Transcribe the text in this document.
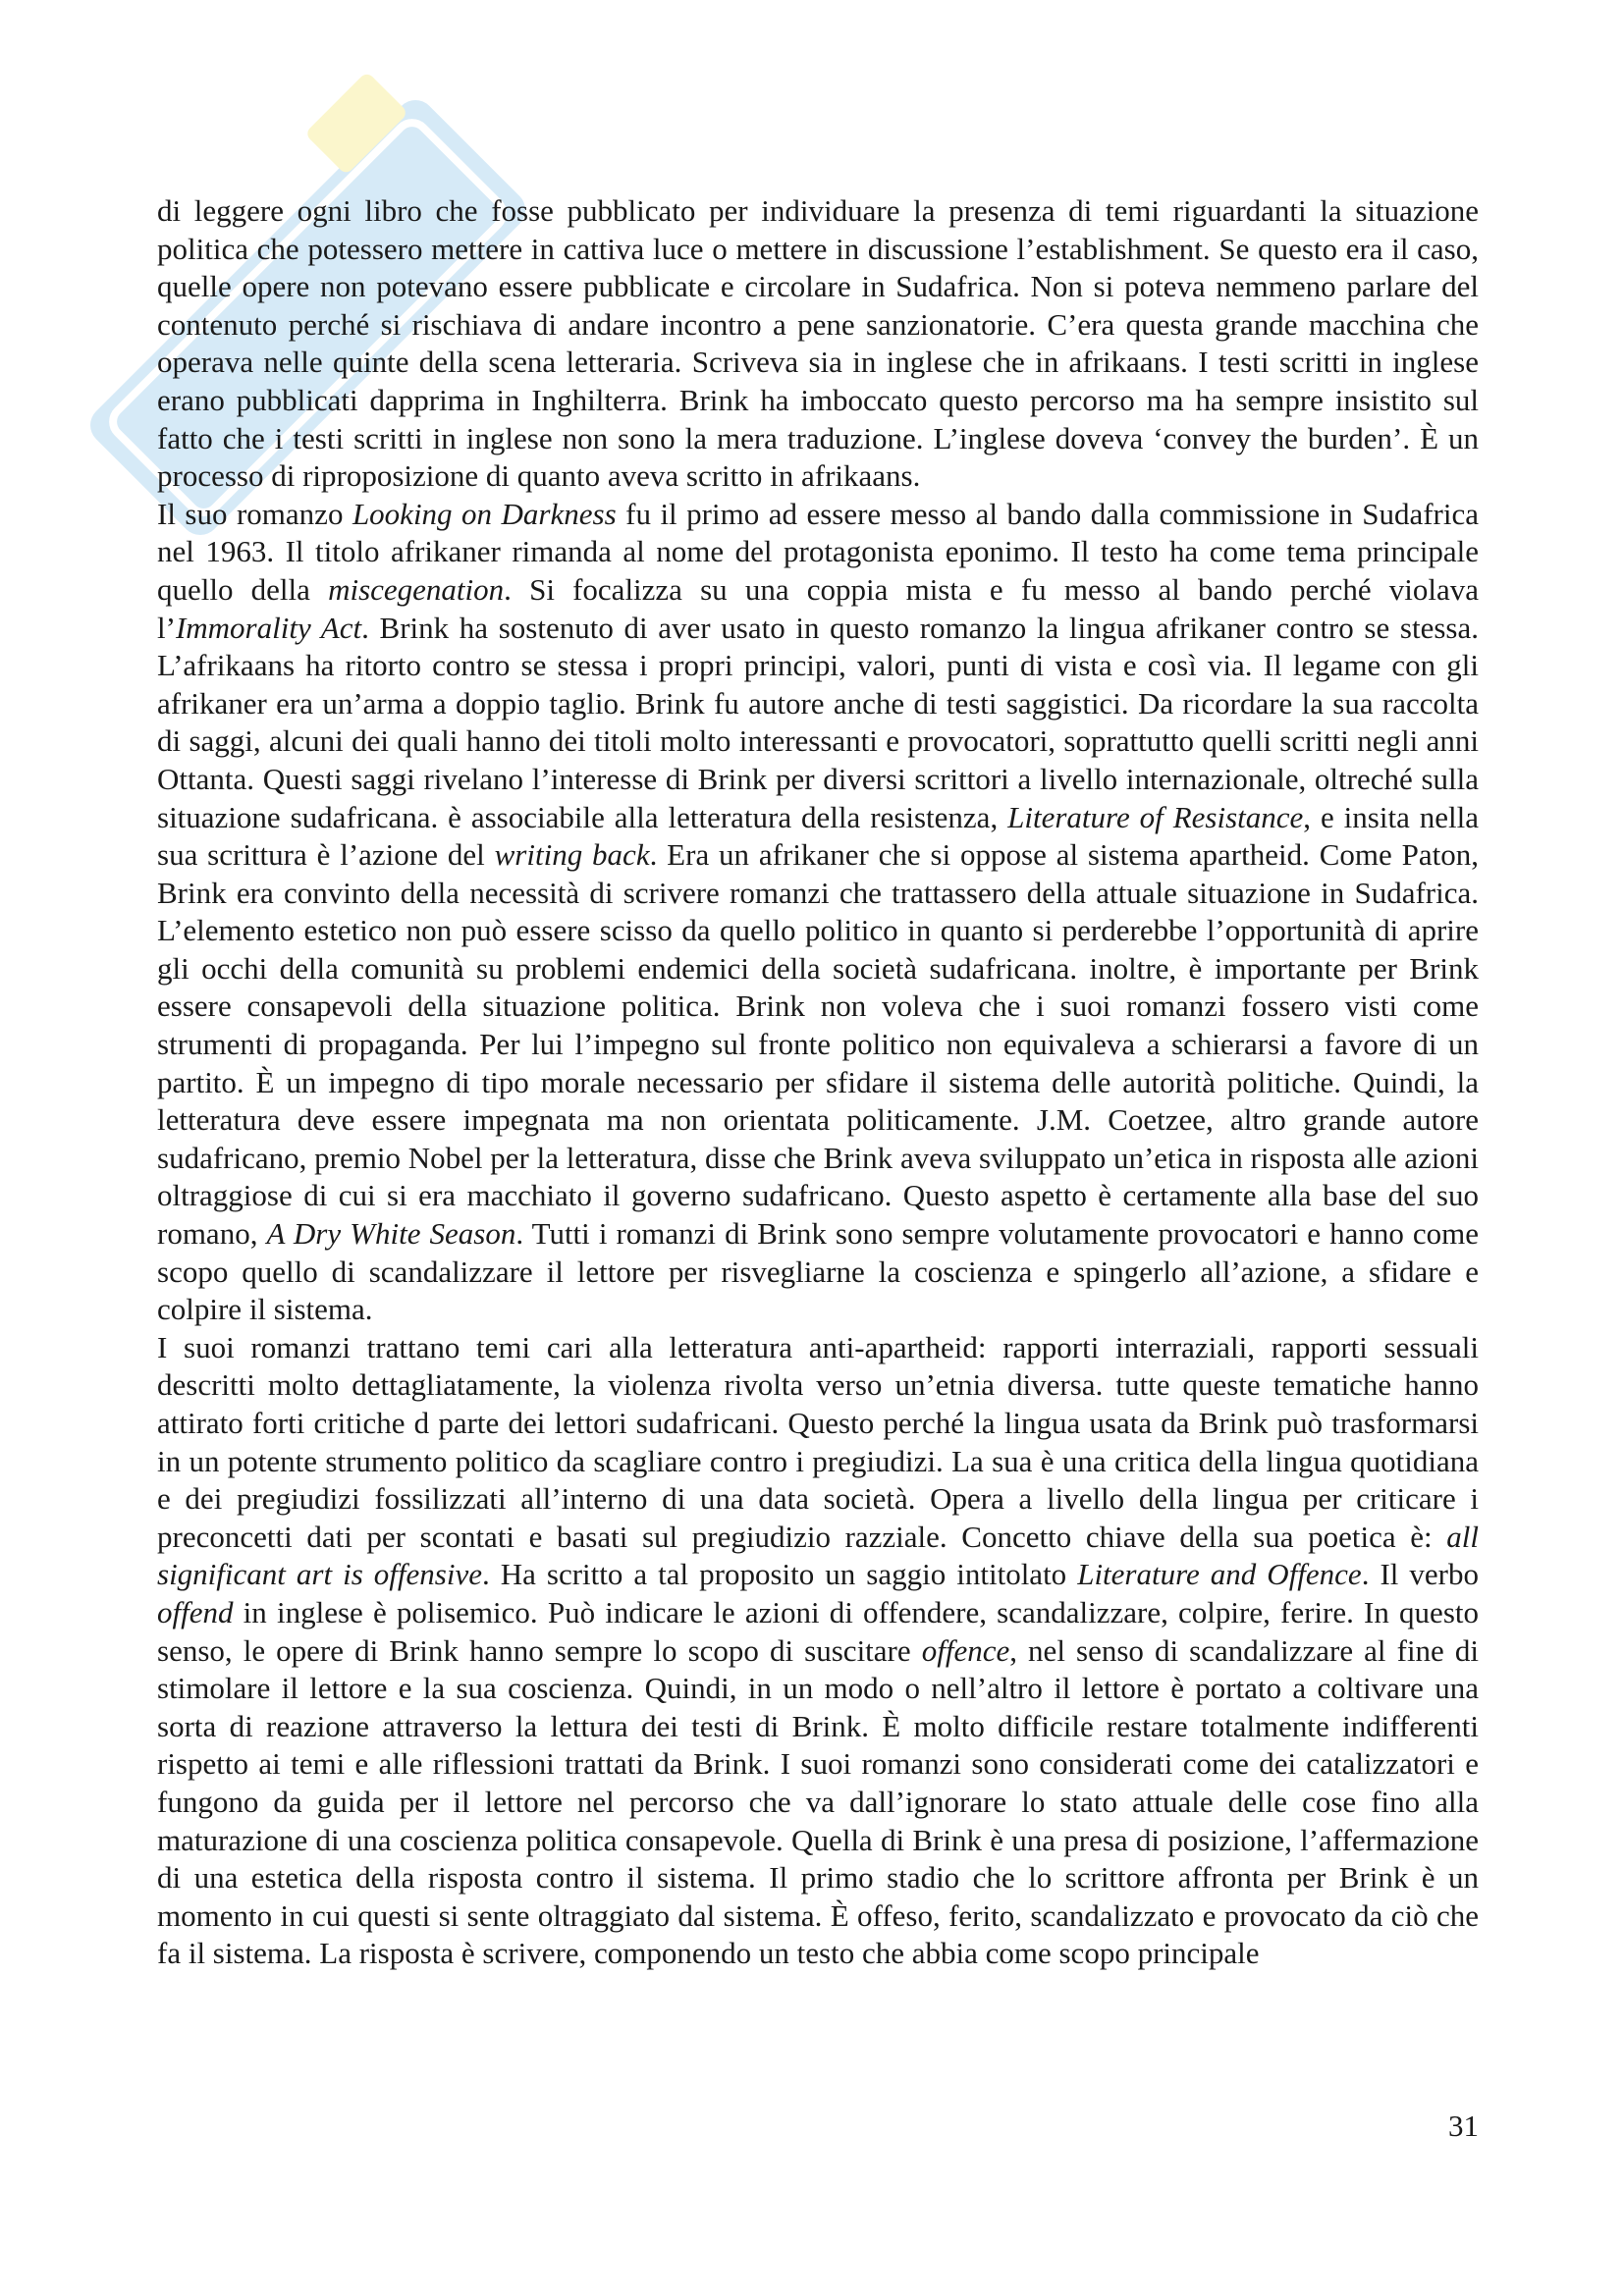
di leggere ogni libro che fosse pubblicato per individuare la presenza di temi riguardanti la situazione politica che potessero mettere in cattiva luce o mettere in discussione l’establishment. Se questo era il caso, quelle opere non potevano essere pubblicate e circolare in Sudafrica. Non si poteva nemmeno parlare del contenuto perché si rischiava di andare incontro a pene sanzionatorie. C’era questa grande macchina che operava nelle quinte della scena letteraria. Scriveva sia in inglese che in afrikaans. I testi scritti in inglese erano pubblicati dapprima in Inghilterra. Brink ha imboccato questo percorso ma ha sempre insistito sul fatto che i testi scritti in inglese non sono la mera traduzione. L’inglese doveva ‘convey the burden’. È un processo di riproposizione di quanto aveva scritto in afrikaans.

Il suo romanzo Looking on Darkness fu il primo ad essere messo al bando dalla commissione in Sudafrica nel 1963. Il titolo afrikaner rimanda al nome del protagonista eponimo. Il testo ha come tema principale quello della miscegenation. Si focalizza su una coppia mista e fu messo al bando perché violava l’Immorality Act. Brink ha sostenuto di aver usato in questo romanzo la lingua afrikaner contro se stessa. L’afrikaans ha ritorto contro se stessa i propri principi, valori, punti di vista e così via. Il legame con gli afrikaner era un’arma a doppio taglio. Brink fu autore anche di testi saggistici. Da ricordare la sua raccolta di saggi, alcuni dei quali hanno dei titoli molto interessanti e provocatori, soprattutto quelli scritti negli anni Ottanta. Questi saggi rivelano l’interesse di Brink per diversi scrittori a livello internazionale, oltreché sulla situazione sudafricana. è associabile alla letteratura della resistenza, Literature of Resistance, e insita nella sua scrittura è l’azione del writing back. Era un afrikaner che si oppose al sistema apartheid. Come Paton, Brink era convinto della necessità di scrivere romanzi che trattassero della attuale situazione in Sudafrica. L’elemento estetico non può essere scisso da quello politico in quanto si perderebbe l’opportunità di aprire gli occhi della comunità su problemi endemici della società sudafricana. inoltre, è importante per Brink essere consapevoli della situazione politica. Brink non voleva che i suoi romanzi fossero visti come strumenti di propaganda. Per lui l’impegno sul fronte politico non equivaleva a schierarsi a favore di un partito. È un impegno di tipo morale necessario per sfidare il sistema delle autorità politiche. Quindi, la letteratura deve essere impegnata ma non orientata politicamente. J.M. Coetzee, altro grande autore sudafricano, premio Nobel per la letteratura, disse che Brink aveva sviluppato un’etica in risposta alle azioni oltraggiose di cui si era macchiato il governo sudafricano. Questo aspetto è certamente alla base del suo romano, A Dry White Season. Tutti i romanzi di Brink sono sempre volutamente provocatori e hanno come scopo quello di scandalizzare il lettore per risvegliarne la coscienza e spingerlo all’azione, a sfidare e colpire il sistema.

I suoi romanzi trattano temi cari alla letteratura anti-apartheid: rapporti interraziali, rapporti sessuali descritti molto dettagliatamente, la violenza rivolta verso un’etnia diversa. tutte queste tematiche hanno attirato forti critiche d parte dei lettori sudafricani. Questo perché la lingua usata da Brink può trasformarsi in un potente strumento politico da scagliare contro i pregiudizi. La sua è una critica della lingua quotidiana e dei pregiudizi fossilizzati all’interno di una data società. Opera a livello della lingua per criticare i preconcetti dati per scontati e basati sul pregiudizio razziale. Concetto chiave della sua poetica è: all significant art is offensive. Ha scritto a tal proposito un saggio intitolato Literature and Offence. Il verbo offend in inglese è polisemico. Può indicare le azioni di offendere, scandalizzare, colpire, ferire. In questo senso, le opere di Brink hanno sempre lo scopo di suscitare offence, nel senso di scandalizzare al fine di stimolare il lettore e la sua coscienza. Quindi, in un modo o nell’altro il lettore è portato a coltivare una sorta di reazione attraverso la lettura dei testi di Brink. È molto difficile restare totalmente indifferenti rispetto ai temi e alle riflessioni trattati da Brink. I suoi romanzi sono considerati come dei catalizzatori e fungono da guida per il lettore nel percorso che va dall’ignorare lo stato attuale delle cose fino alla maturazione di una coscienza politica consapevole. Quella di Brink è una presa di posizione, l’affermazione di una estetica della risposta contro il sistema. Il primo stadio che lo scrittore affronta per Brink è un momento in cui questi si sente oltraggiato dal sistema. È offeso, ferito, scandalizzato e provocato da ciò che fa il sistema. La risposta è scrivere, componendo un testo che abbia come scopo principale

31
